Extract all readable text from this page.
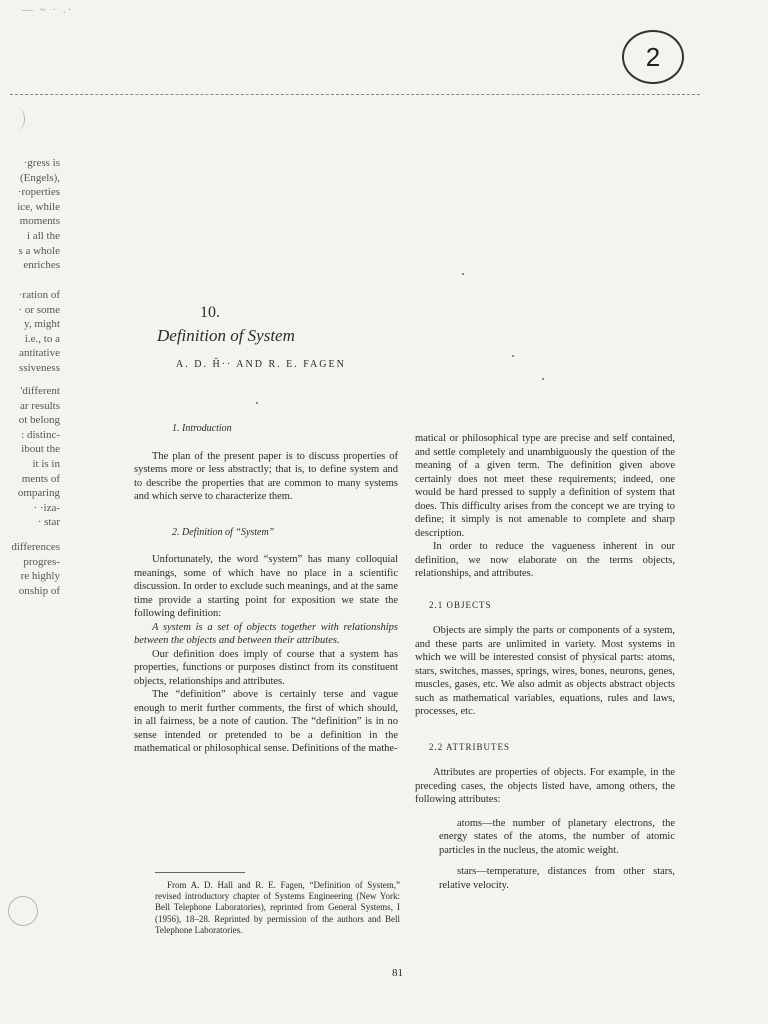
— ~ · .·
2
·gress is
(Engels),
·roperties
ice, while
moments
i all the
s a whole
enriches
·ration of
· or some
y, might
i.e., to a
antitative
ssiveness
'different
ar results
ot belong
: distinc-
ibout the
it is in
ments of
omparing
· ·iza-
· star
differences
progres-
re highly
onship of
10.
Definition of System
A. D. H̆·· AND R. E. FAGEN
1. Introduction

The plan of the present paper is to discuss properties of systems more or less abstractly; that is, to define system and to describe the properties that are common to many systems and which serve to characterize them.

2. Definition of “System”

Unfortunately, the word “system” has many colloquial meanings, some of which have no place in a scientific discussion. In order to exclude such meanings, and at the same time provide a starting point for exposition we state the following definition:

A system is a set of objects together with relationships between the objects and between their attributes.

Our definition does imply of course that a system has properties, functions or purposes distinct from its constituent objects, relationships and attributes.

The “definition” above is certainly terse and vague enough to merit further comments, the first of which should, in all fairness, be a note of caution. The “definition” is in no sense intended or pretended to be a definition in the mathematical or philosophical sense. Definitions of the mathe-

matical or philosophical type are precise and self contained, and settle completely and unambiguously the question of the meaning of a given term. The definition given above certainly does not meet these requirements; indeed, one would be hard pressed to supply a definition of system that does. This difficulty arises from the concept we are trying to define; it simply is not amenable to complete and sharp description.

In order to reduce the vagueness inherent in our definition, we now elaborate on the terms objects, relationships, and attributes.

2.1 OBJECTS

Objects are simply the parts or components of a system, and these parts are unlimited in variety. Most systems in which we will be interested consist of physical parts: atoms, stars, switches, masses, springs, wires, bones, neurons, genes, muscles, gases, etc. We also admit as objects abstract objects such as mathematical variables, equations, rules and laws, processes, etc.

2.2 ATTRIBUTES

Attributes are properties of objects. For example, in the preceding cases, the objects listed have, among others, the following attributes:

atoms—the number of planetary electrons, the energy states of the atoms, the number of atomic particles in the nucleus, the atomic weight.

stars—temperature, distances from other stars, relative velocity.

From A. D. Hall and R. E. Fagen, “Definition of System,” revised introductory chapter of Systems Engineering (New York: Bell Telephone Laboratories), reprinted from General Systems, I (1956), 18–28. Reprinted by permission of the authors and Bell Telephone Laboratories.

81
